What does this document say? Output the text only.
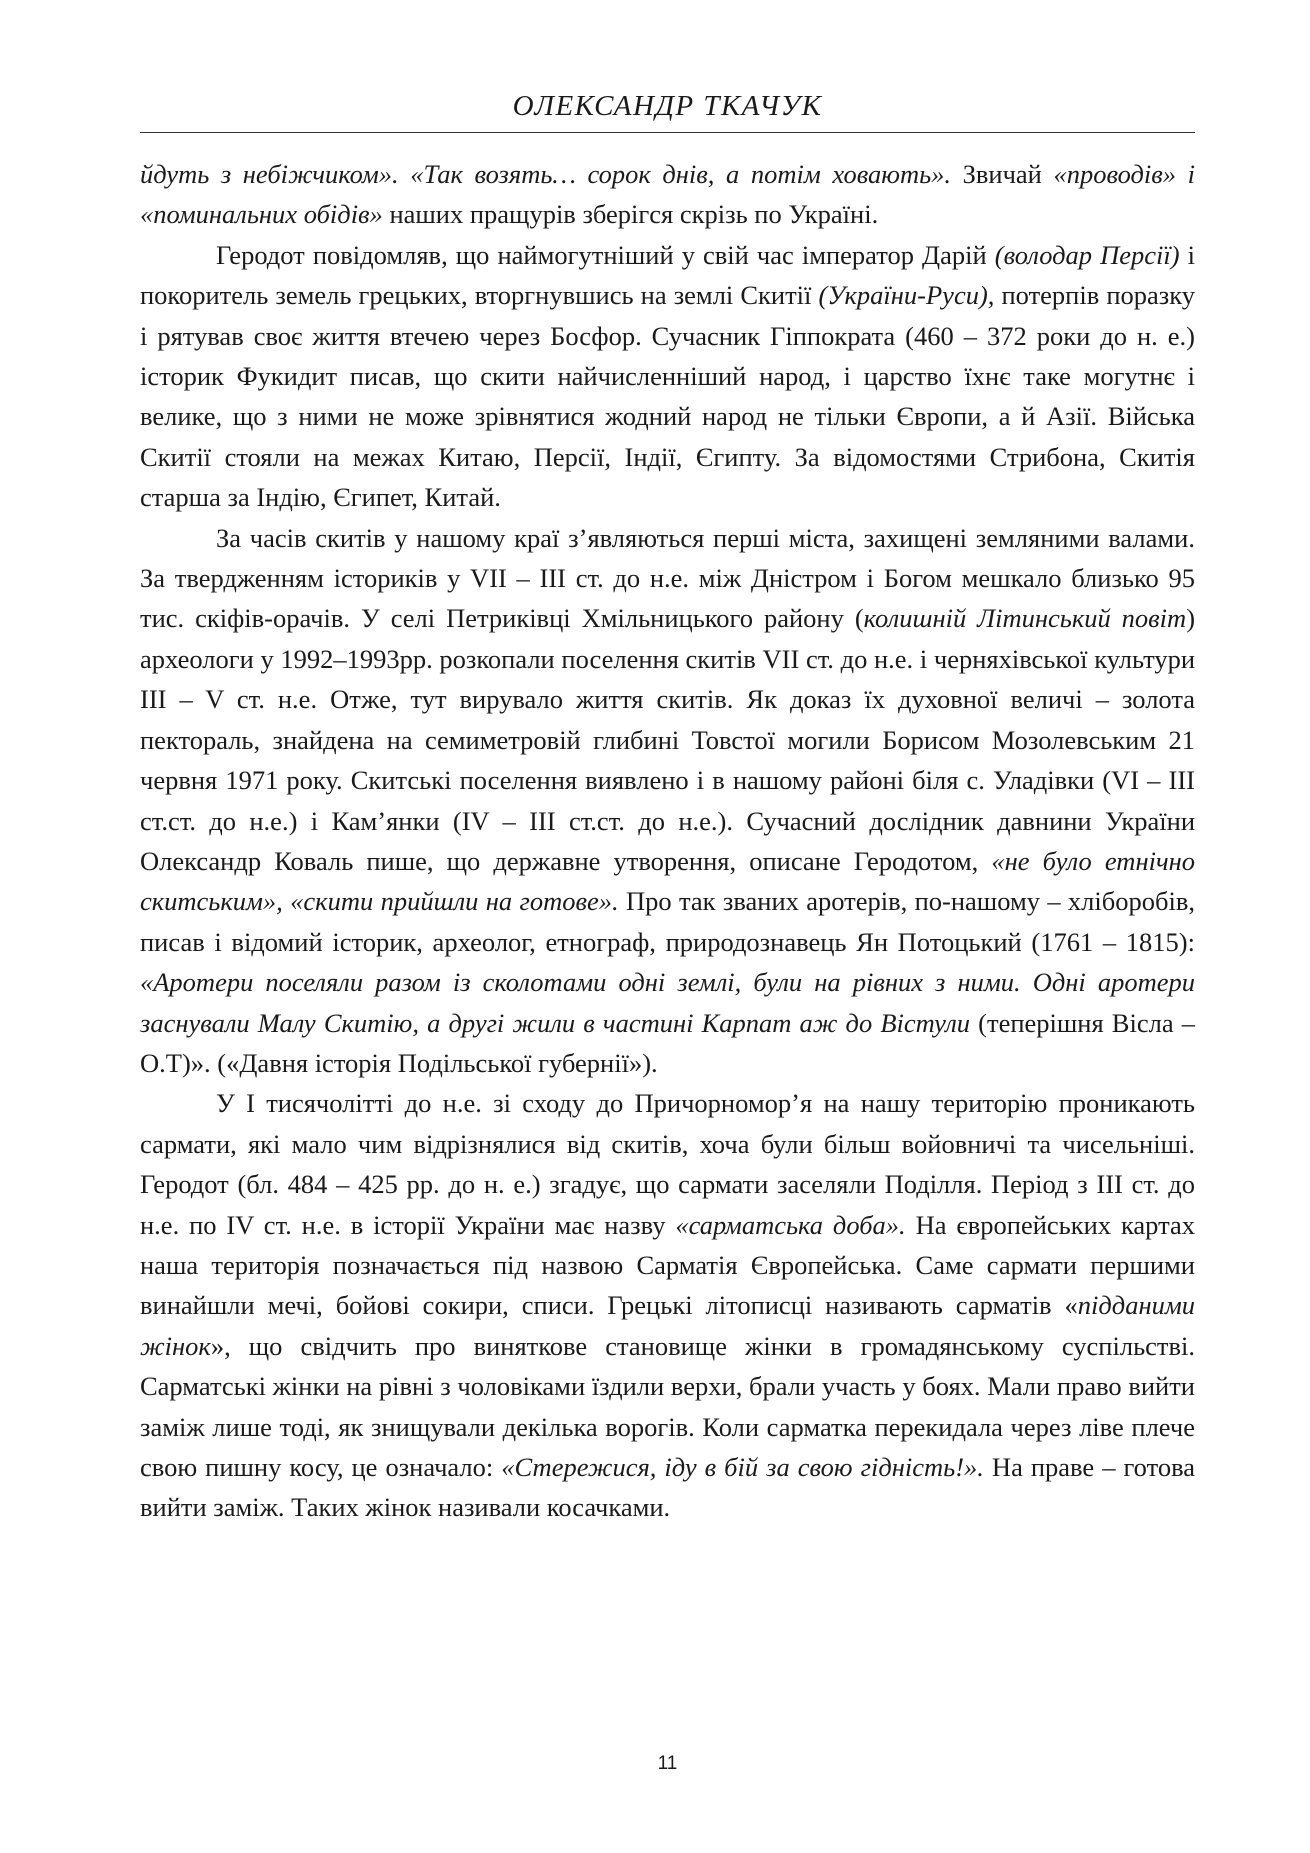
ОЛЕКСАНДР ТКАЧУК

йдуть з небіжчиком». «Так возять… сорок днів, а потім ховають». Звичай «проводів» і «поминальних обідів» наших пращурів зберігся скрізь по Україні.

Геродот повідомляв, що наймогутніший у свій час імператор Дарій (володар Персії) і покоритель земель грецьких, вторгнувшись на землі Скитії (України-Руси), потерпів поразку і рятував своє життя втечею через Босфор. Сучасник Гіппократа (460 – 372 роки до н. е.) історик Фукидит писав, що скити найчисленніший народ, і царство їхнє таке могутнє і велике, що з ними не може зрівнятися жодний народ не тільки Європи, а й Азії. Війська Скитії стояли на межах Китаю, Персії, Індії, Єгипту. За відомостями Стрибона, Скитія старша за Індію, Єгипет, Китай.

За часів скитів у нашому краї з’являються перші міста, захищені земляними валами. За твердженням істориків у VII – III ст. до н.е. між Дністром і Богом мешкало близько 95 тис. скіфів-орачів. У селі Петриківці Хмільницького району (колишній Літинський повіт) археологи у 1992–1993рр. розкопали поселення скитів VII ст. до н.е. і черняхівської культури III – V ст. н.е. Отже, тут вирувало життя скитів. Як доказ їх духовної величі – золота пектораль, знайдена на семиметровій глибині Товстої могили Борисом Мозолевським 21 червня 1971 року. Скитські поселення виявлено і в нашому районі біля с. Уладівки (VI – III ст.ст. до н.е.) і Кам’янки (IV – III ст.ст. до н.е.). Сучасний дослідник давнини України Олександр Коваль пише, що державне утворення, описане Геродотом, «не було етнічно скитським», «скити прийшли на готове». Про так званих аротерів, по-нашому – хліборобів, писав і відомий історик, археолог, етнограф, природознавець Ян Потоцький (1761 – 1815): «Аротери поселяли разом із сколотами одні землі, були на рівних з ними. Одні аротери заснували Малу Скитію, а другі жили в частині Карпат аж до Вістули (теперішня Вісла – О.Т)». («Давня історія Подільської губернії»).

У I тисячолітті до н.е. зі сходу до Причорномор’я на нашу територію проникають сармати, які мало чим відрізнялися від скитів, хоча були більш войовничі та чисельніші. Геродот (бл. 484 – 425 рр. до н. е.) згадує, що сармати заселяли Поділля. Період з III ст. до н.е. по IV ст. н.е. в історії України має назву «сарматська доба». На європейських картах наша територія позначається під назвою Сарматія Європейська. Саме сармати першими винайшли мечі, бойові сокири, списи. Грецькі літописці називають сарматів «підданими жінок», що свідчить про виняткове становище жінки в громадянському суспільстві. Сарматські жінки на рівні з чоловіками їздили верхи, брали участь у боях. Мали право вийти заміж лише тоді, як знищували декілька ворогів. Коли сарматка перекидала через ліве плече свою пишну косу, це означало: «Стережися, іду в бій за свою гідність!». На праве – готова вийти заміж. Таких жінок називали косачками.

11
